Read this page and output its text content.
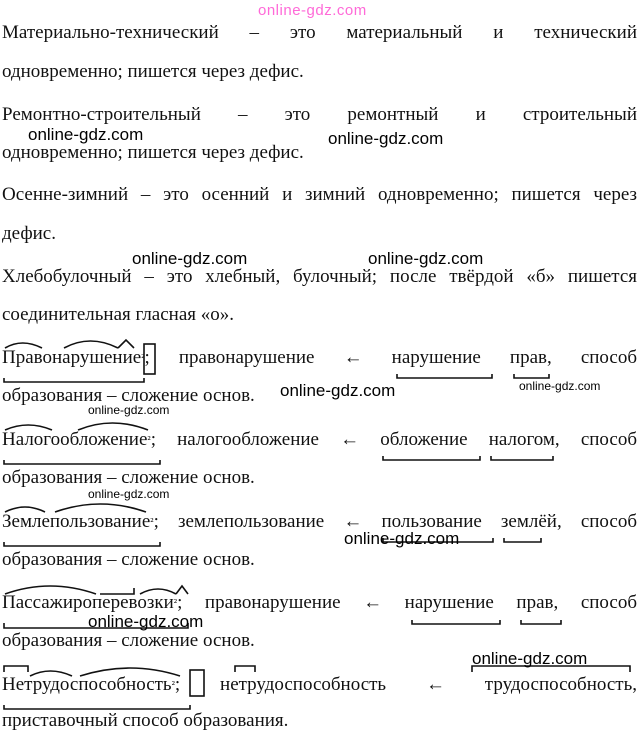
online-gdz.com
Материально-технический – это материальный и технический
одновременно; пишется через дефис.
Ремонтно-строительный – это ремонтный и строительный
одновременно; пишется через дефис.
Осенне-зимний – это осенний и зимний одновременно; пишется через
дефис.
Хлебобулочный – это хлебный, булочный; после твёрдой «б» пишется
соединительная гласная «о».
Правонарушение ² ; правонарушение ← нарушение прав, способ
образования – сложение основ.
Налогообложение ² ; налогообложение ← обложение налогом, способ
образования – сложение основ.
Землепользование ² ; землепользование ← пользование землёй, способ
образования – сложение основ.
Пассажироперевозки ² ; правонарушение ← нарушение прав, способ
образования – сложение основ.
Нетрудоспособность ² ; нетрудоспособность ← трудоспособность,
приставочный способ образования.
online-gdz.com	online-gdz.com
online-gdz.com	online-gdz.com
online-gdz.com	online-gdz.com
online-gdz.com
online-gdz.com
online-gdz.com
online-gdz.com
online-gdz.com
